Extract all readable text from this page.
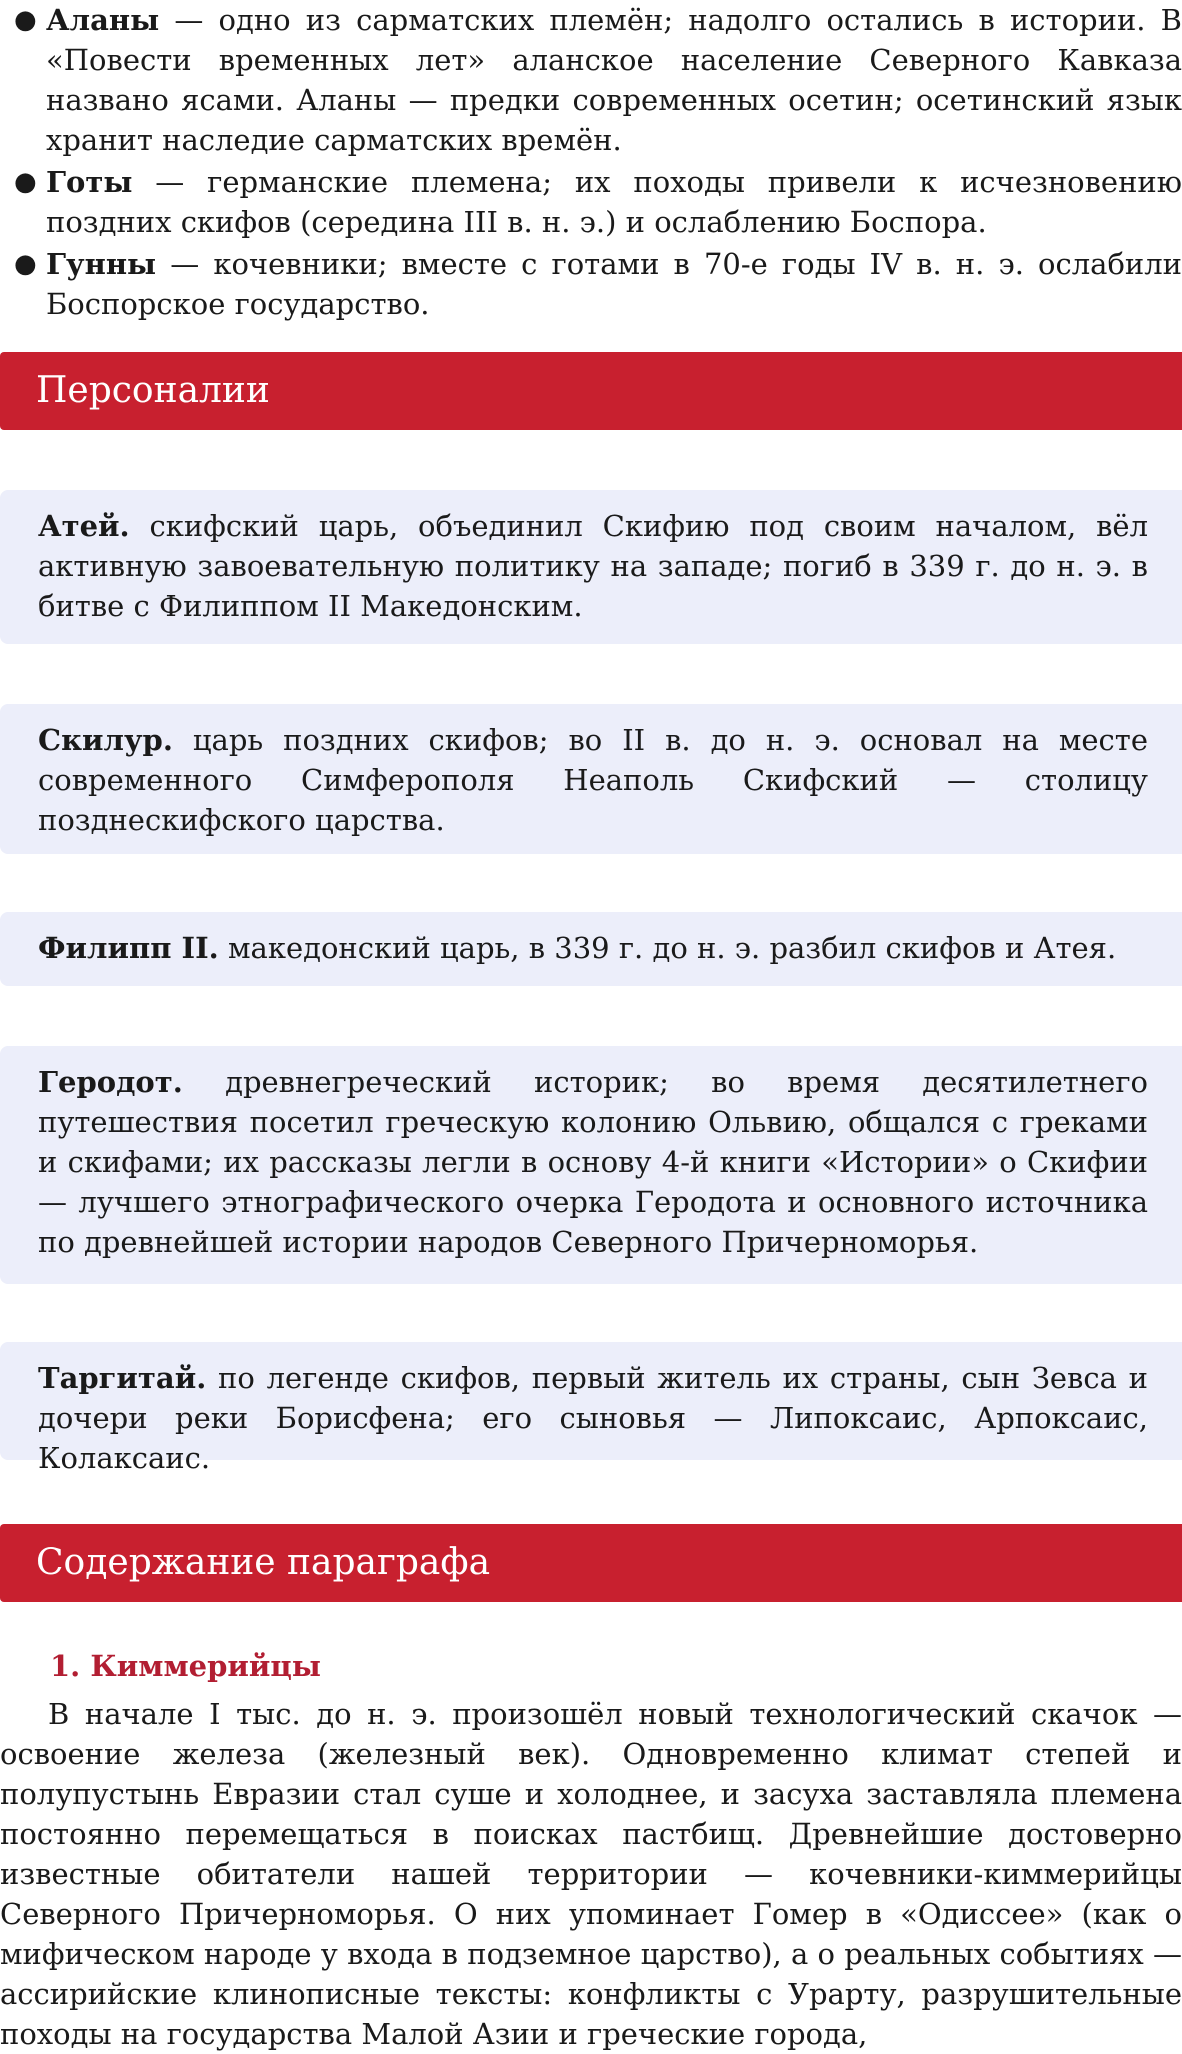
● Аланы — одно из сарматских племён; надолго остались в истории. В «Повести временных лет» аланское население Северного Кавказа названо ясами. Аланы — предки современных осетин; осетинский язык хранит наследие сарматских времён.
● Готы — германские племена; их походы привели к исчезновению поздних скифов (середина III в. н. э.) и ослаблению Боспора.
● Гунны — кочевники; вместе с готами в 70-е годы IV в. н. э. ослабили Боспорское государство.
Персоналии
Атей. скифский царь, объединил Скифию под своим началом, вёл активную завоевательную политику на западе; погиб в 339 г. до н. э. в битве с Филиппом II Македонским.
Скилур. царь поздних скифов; во II в. до н. э. основал на месте современного Симферополя Неаполь Скифский — столицу позднескифского царства.
Филипп II. македонский царь, в 339 г. до н. э. разбил скифов и Атея.
Геродот. древнегреческий историк; во время десятилетнего путешествия посетил греческую колонию Ольвию, общался с греками и скифами; их рассказы легли в основу 4-й книги «Истории» о Скифии — лучшего этнографического очерка Геродота и основного источника по древнейшей истории народов Северного Причерноморья.
Таргитай. по легенде скифов, первый житель их страны, сын Зевса и дочери реки Борисфена; его сыновья — Липоксаис, Арпоксаис, Колаксаис.
Содержание параграфа
1. Киммерийцы
В начале I тыс. до н. э. произошёл новый технологический скачок — освоение железа (железный век). Одновременно климат степей и полупустынь Евразии стал суше и холоднее, и засуха заставляла племена постоянно перемещаться в поисках пастбищ. Древнейшие достоверно известные обитатели нашей территории — кочевники-киммерийцы Северного Причерноморья. О них упоминает Гомер в «Одиссее» (как о мифическом народе у входа в подземное царство), а о реальных событиях — ассирийские клинописные тексты: конфликты с Урарту, разрушительные походы на государства Малой Азии и греческие города,
